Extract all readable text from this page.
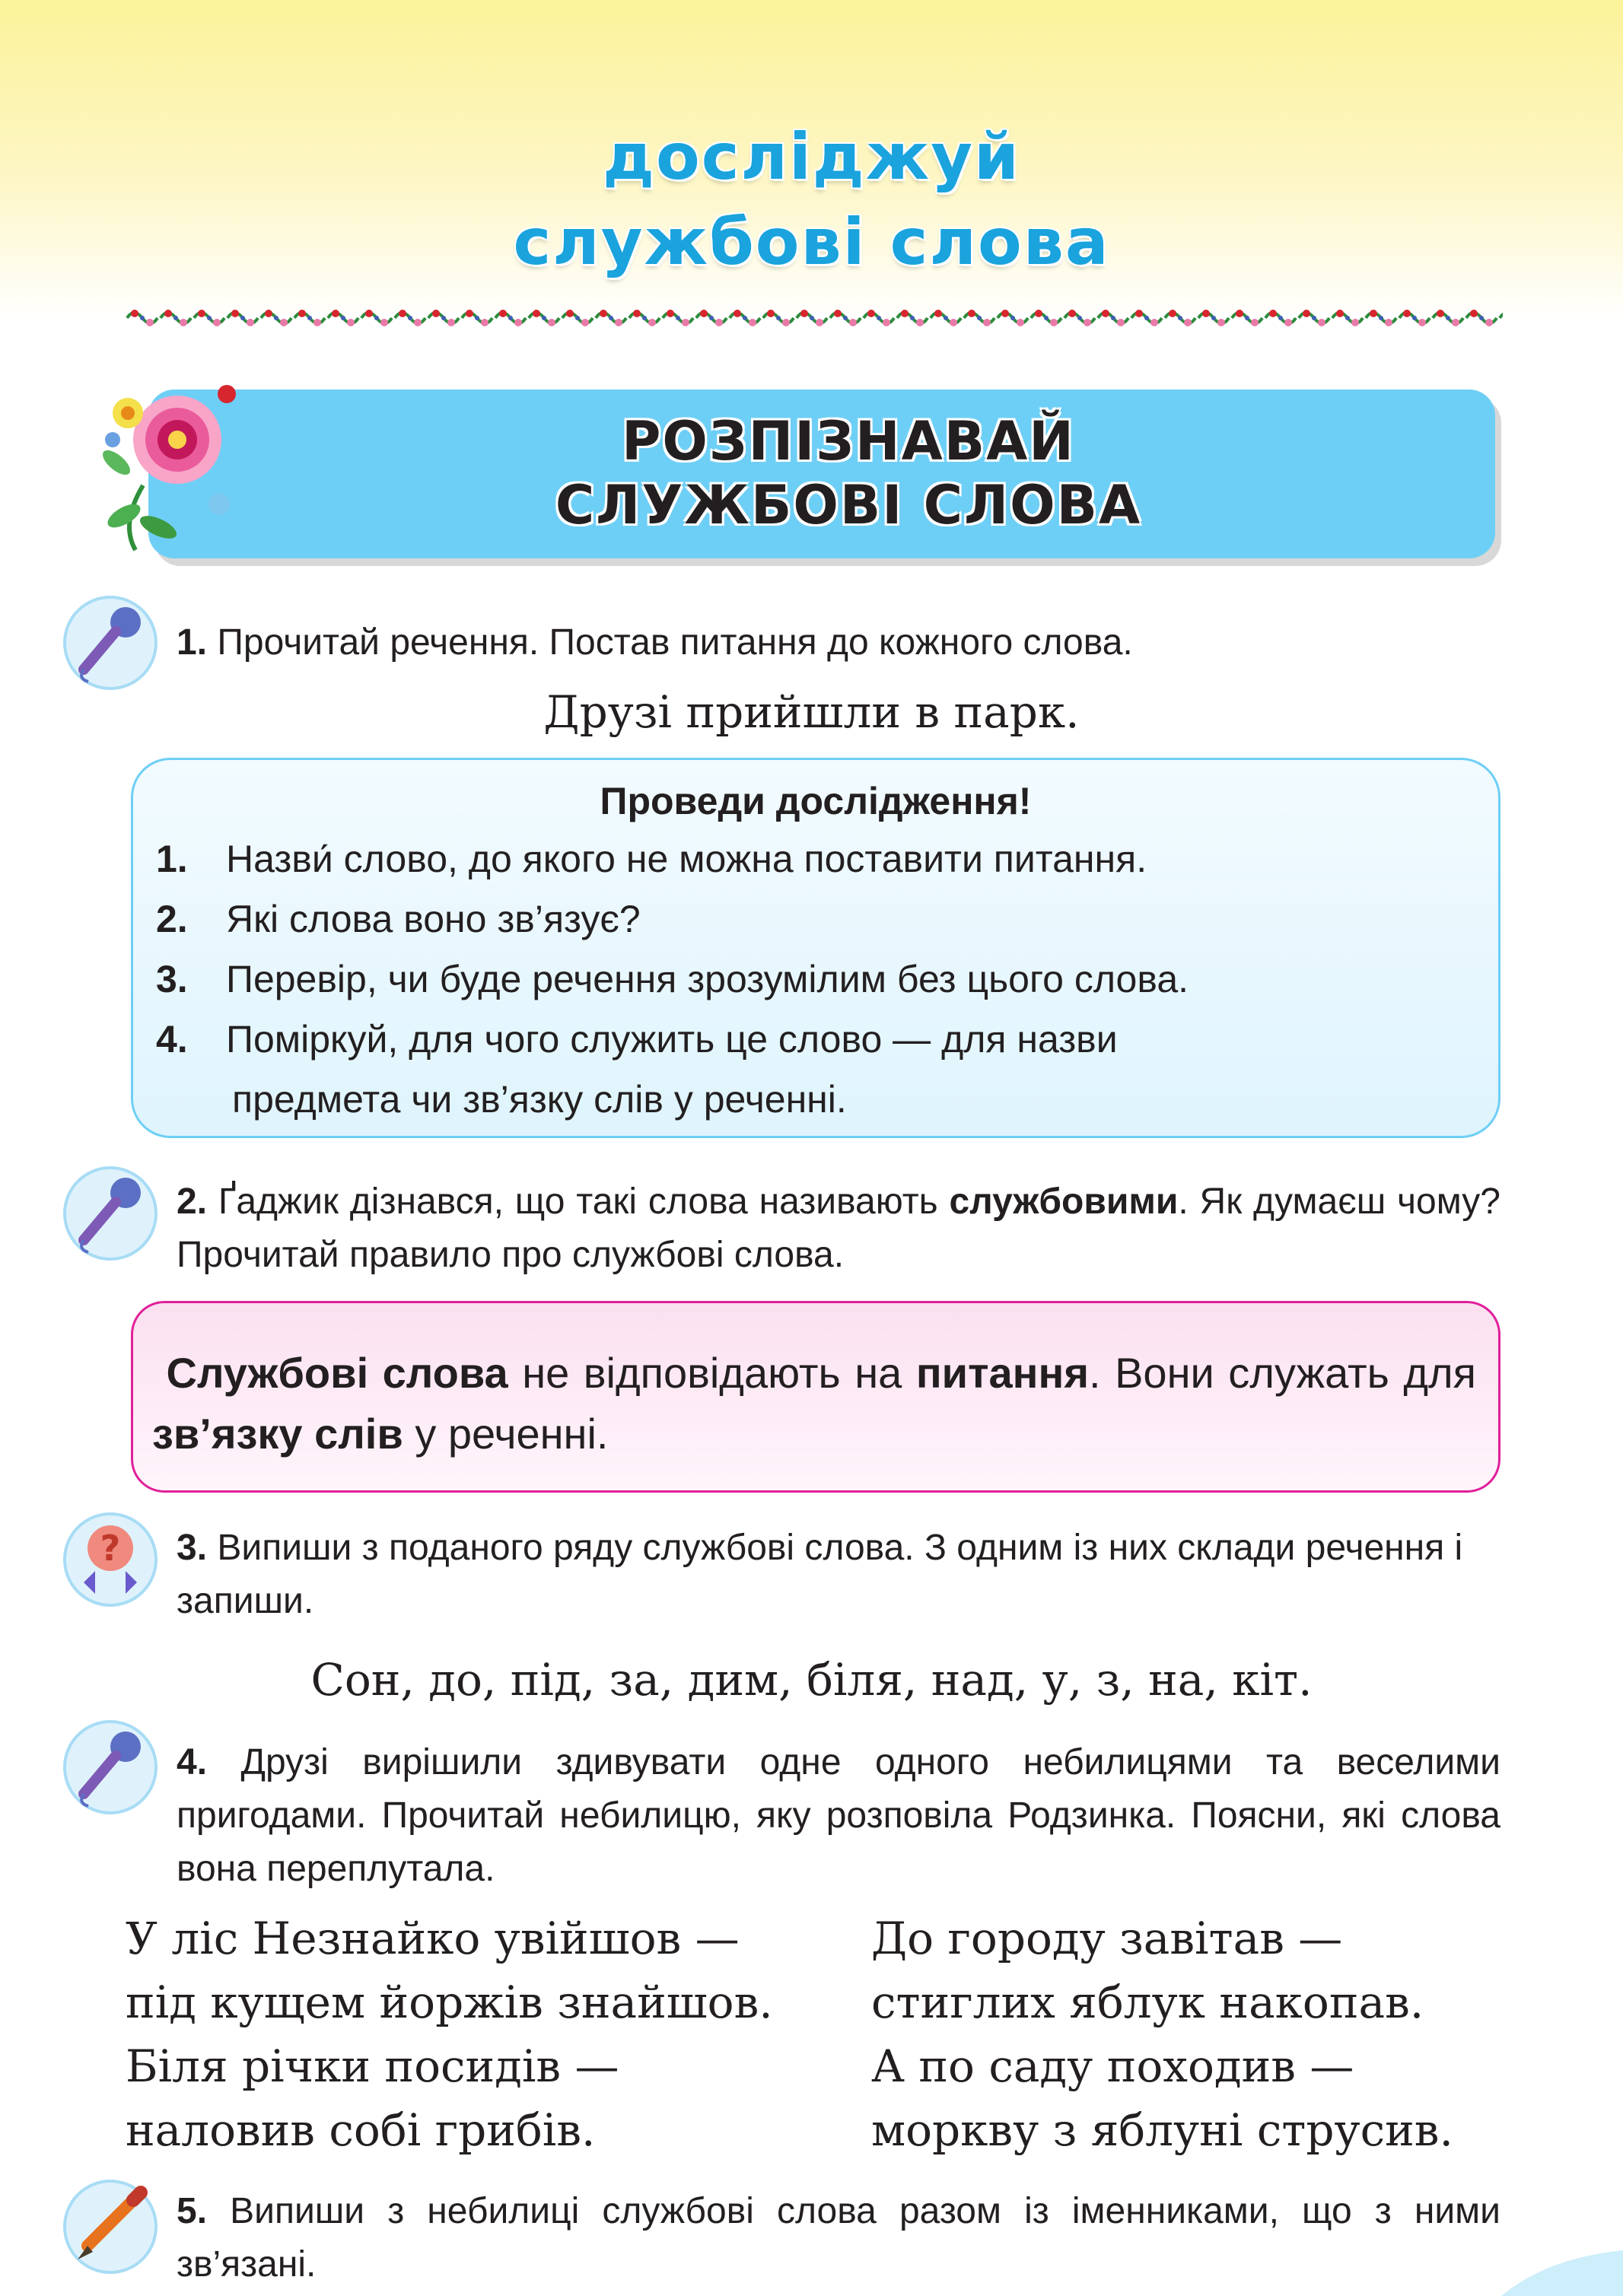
досліджуй
службові слова
РОЗПІЗНАВАЙ
СЛУЖБОВІ СЛОВА
1. Прочитай речення. Постав питання до кожного слова.
Друзі прийшли в парк.
Проведи дослідження!
1. Назви́ слово, до якого не можна поставити питання.
2. Які слова воно зв’язує?
3. Перевір, чи буде речення зрозумілим без цього слова.
4. Поміркуй, для чого служить це слово — для назви
предмета чи зв’язку слів у реченні.
2. Ґаджик дізнався, що такі слова називають службовими. Як думаєш чому? Прочитай правило про службові слова.
Службові слова не відповідають на питання. Вони служать для зв’язку слів у реченні.
? 3. Випиши з поданого ряду службові слова. З одним із них склади речення і запиши.
Сон, до, під, за, дим, біля, над, у, з, на, кіт.
4. Друзі вирішили здивувати одне одного небилицями та веселими пригодами. Прочитай небилицю, яку розповіла Родзинка. Поясни, які слова вона переплутала.
У ліс Незнайко увійшов —
під кущем йоржів знайшов.
Біля річки посидів —
наловив собі грибів.
До городу завітав —
стиглих яблук накопав.
А по саду походив —
моркву з яблуні струсив.
5. Випиши з небилиці службові слова разом із іменниками, що з ними зв’язані.
